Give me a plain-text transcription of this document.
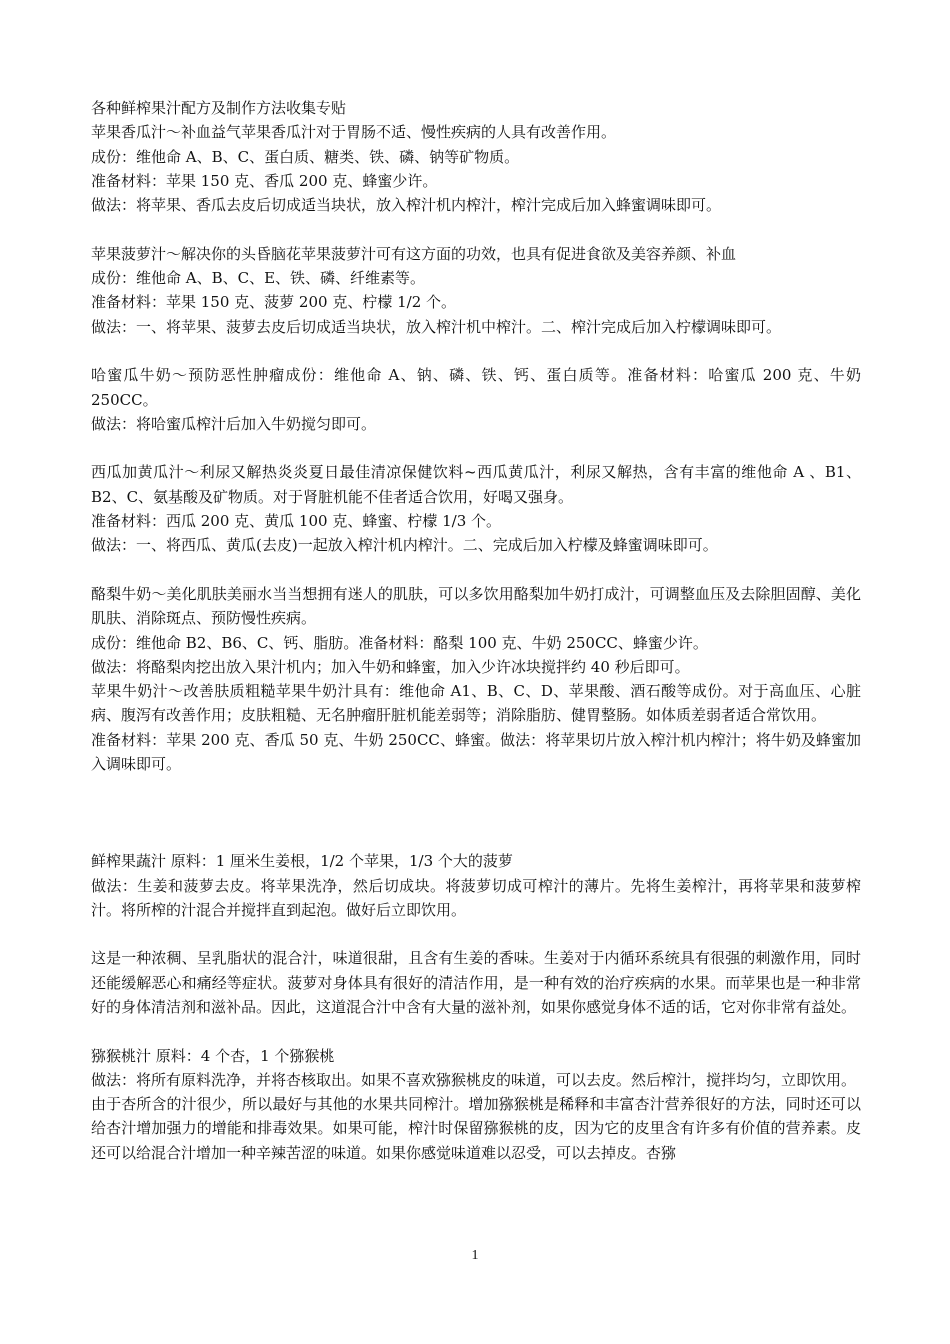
各种鲜榨果汁配方及制作方法收集专贴

苹果香瓜汁～补血益气苹果香瓜汁对于胃肠不适、慢性疾病的人具有改善作用。

成份：维他命 A、B、C、蛋白质、糖类、铁、磷、钠等矿物质。

准备材料：苹果 150 克、香瓜 200 克、蜂蜜少许。

做法：将苹果、香瓜去皮后切成适当块状，放入榨汁机内榨汁，榨汁完成后加入蜂蜜调味即可。

苹果菠萝汁～解决你的头昏脑花苹果菠萝汁可有这方面的功效，也具有促进食欲及美容养颜、补血

成份：维他命 A、B、C、E、铁、磷、纤维素等。

准备材料：苹果 150 克、菠萝 200 克、柠檬 1/2 个。

做法：一、将苹果、菠萝去皮后切成适当块状，放入榨汁机中榨汁。二、榨汁完成后加入柠檬调味即可。

哈蜜瓜牛奶～预防恶性肿瘤成份：维他命 A、钠、磷、铁、钙、蛋白质等。准备材料：哈蜜瓜 200 克、牛奶 250CC。

做法：将哈蜜瓜榨汁后加入牛奶搅匀即可。

西瓜加黄瓜汁～利尿又解热炎炎夏日最佳清凉保健饮料~西瓜黄瓜汁，利尿又解热，含有丰富的维他命 A 、B1、B2、C、氨基酸及矿物质。对于肾脏机能不佳者适合饮用，好喝又强身。

准备材料：西瓜 200 克、黄瓜 100 克、蜂蜜、柠檬 1/3 个。

做法：一、将西瓜、黄瓜(去皮)一起放入榨汁机内榨汁。二、完成后加入柠檬及蜂蜜调味即可。

酪梨牛奶～美化肌肤美丽水当当想拥有迷人的肌肤，可以多饮用酪梨加牛奶打成汁，可调整血压及去除胆固醇、美化肌肤、消除斑点、预防慢性疾病。

成份：维他命 B2、B6、C、钙、脂肪。准备材料：酪梨 100 克、牛奶 250CC、蜂蜜少许。

做法：将酪梨肉挖出放入果汁机内；加入牛奶和蜂蜜，加入少许冰块搅拌约 40 秒后即可。

苹果牛奶汁～改善肤质粗糙苹果牛奶汁具有：维他命 A1、B、C、D、苹果酸、酒石酸等成份。对于高血压、心脏病、腹泻有改善作用；皮肤粗糙、无名肿瘤肝脏机能差弱等；消除脂肪、健胃整肠。如体质差弱者适合常饮用。

准备材料：苹果 200 克、香瓜 50 克、牛奶 250CC、蜂蜜。做法：将苹果切片放入榨汁机内榨汁；将牛奶及蜂蜜加入调味即可。

鲜榨果蔬汁 原料：1 厘米生姜根，1/2 个苹果，1/3 个大的菠萝

做法：生姜和菠萝去皮。将苹果洗净，然后切成块。将菠萝切成可榨汁的薄片。先将生姜榨汁，再将苹果和菠萝榨汁。将所榨的汁混合并搅拌直到起泡。做好后立即饮用。

这是一种浓稠、呈乳脂状的混合汁，味道很甜，且含有生姜的香味。生姜对于内循环系统具有很强的刺激作用，同时还能缓解恶心和痛经等症状。菠萝对身体具有很好的清洁作用，是一种有效的治疗疾病的水果。而苹果也是一种非常好的身体清洁剂和滋补品。因此，这道混合汁中含有大量的滋补剂，如果你感觉身体不适的话，它对你非常有益处。

猕猴桃汁 原料：4 个杏，1 个猕猴桃

做法：将所有原料洗净，并将杏核取出。如果不喜欢猕猴桃皮的味道，可以去皮。然后榨汁，搅拌均匀，立即饮用。

由于杏所含的汁很少，所以最好与其他的水果共同榨汁。增加猕猴桃是稀释和丰富杏汁营养很好的方法，同时还可以给杏汁增加强力的增能和排毒效果。如果可能，榨汁时保留猕猴桃的皮，因为它的皮里含有许多有价值的营养素。皮还可以给混合汁增加一种辛辣苦涩的味道。如果你感觉味道难以忍受，可以去掉皮。杏猕

1
